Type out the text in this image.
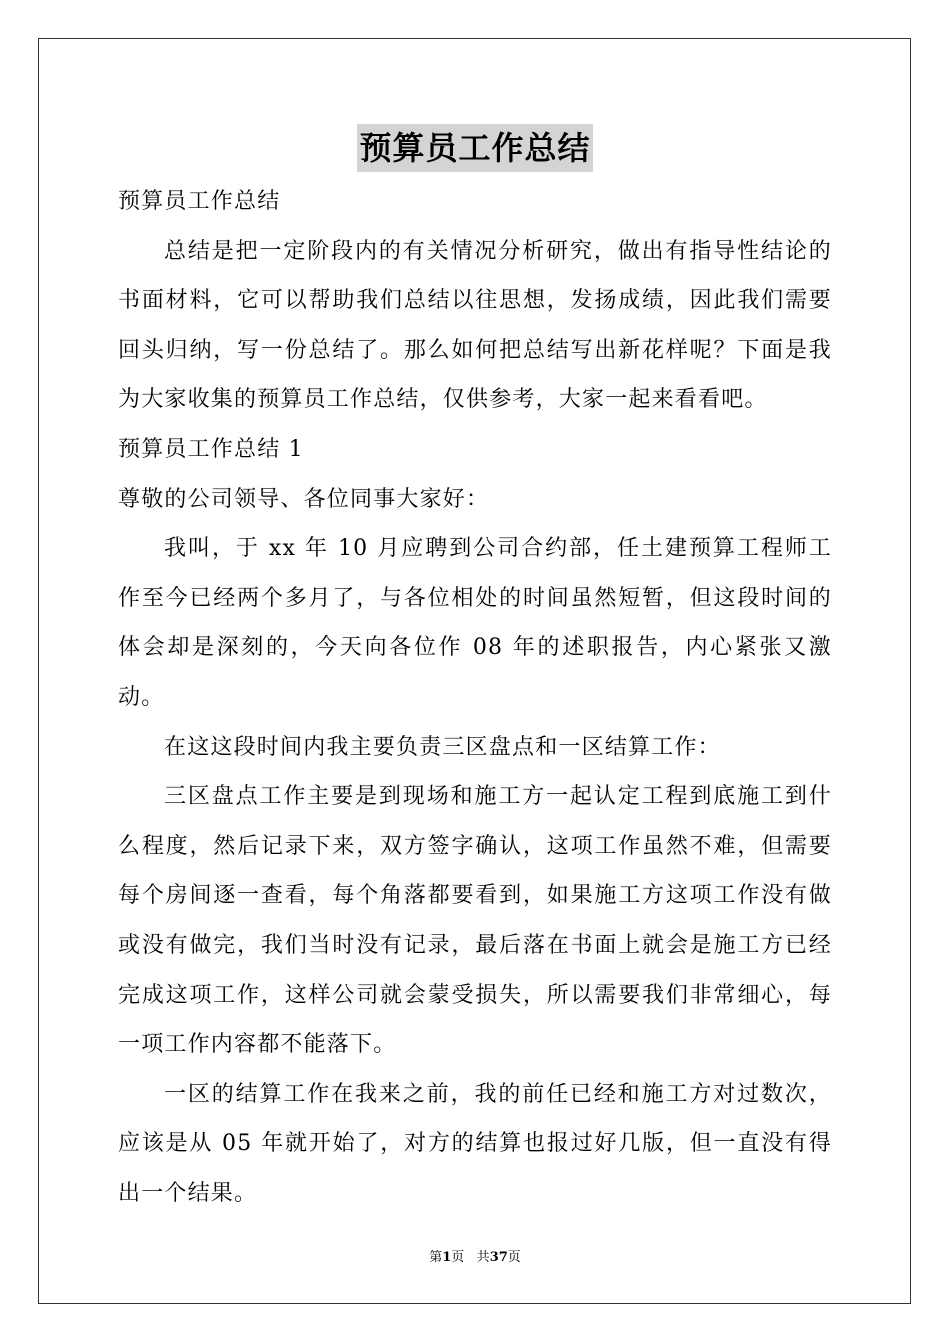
预算员工作总结

预算员工作总结

总结是把一定阶段内的有关情况分析研究，做出有指导性结论的书面材料，它可以帮助我们总结以往思想，发扬成绩，因此我们需要回头归纳，写一份总结了。那么如何把总结写出新花样呢？下面是我为大家收集的预算员工作总结，仅供参考，大家一起来看看吧。

预算员工作总结 1

尊敬的公司领导、各位同事大家好：

我叫，于 xx 年 10 月应聘到公司合约部，任土建预算工程师工作至今已经两个多月了，与各位相处的时间虽然短暂，但这段时间的体会却是深刻的，今天向各位作 08 年的述职报告，内心紧张又激动。

在这这段时间内我主要负责三区盘点和一区结算工作：

三区盘点工作主要是到现场和施工方一起认定工程到底施工到什么程度，然后记录下来，双方签字确认，这项工作虽然不难，但需要每个房间逐一查看，每个角落都要看到，如果施工方这项工作没有做或没有做完，我们当时没有记录，最后落在书面上就会是施工方已经完成这项工作，这样公司就会蒙受损失，所以需要我们非常细心，每一项工作内容都不能落下。

一区的结算工作在我来之前，我的前任已经和施工方对过数次，应该是从 05 年就开始了，对方的结算也报过好几版，但一直没有得出一个结果。

第1页 共37页
